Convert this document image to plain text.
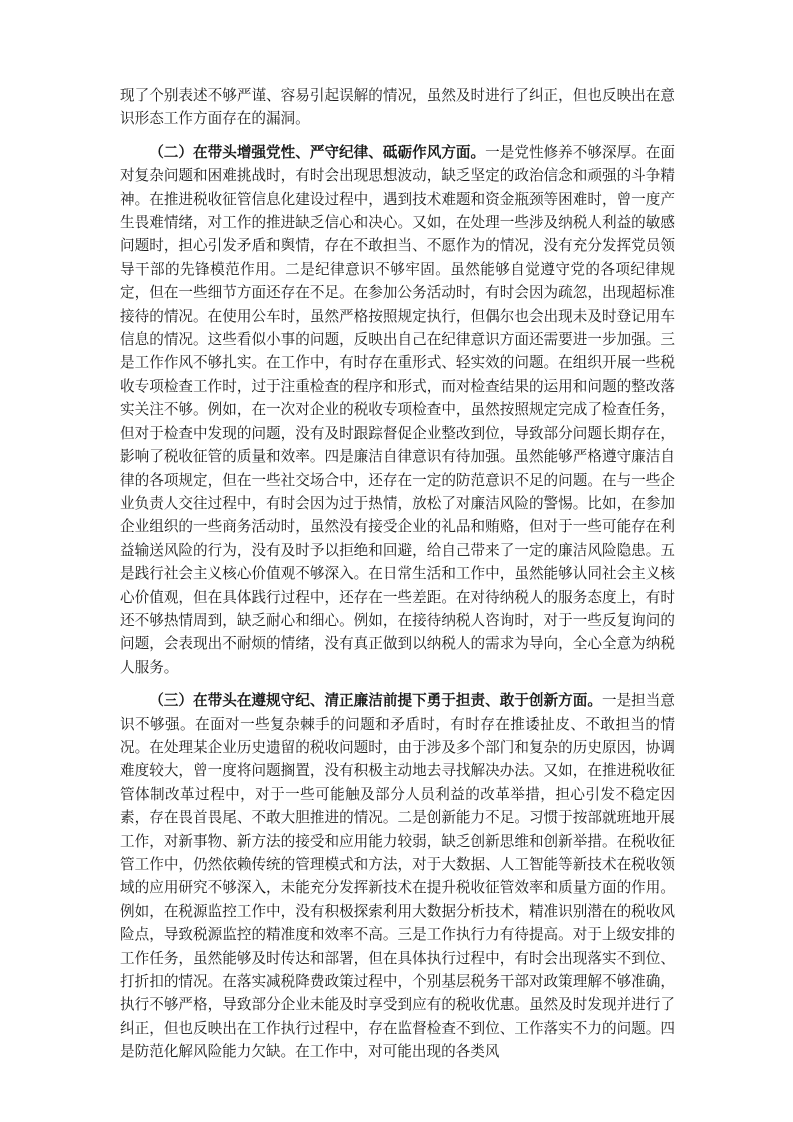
现了个别表述不够严谨、容易引起误解的情况，虽然及时进行了纠正，但也反映出在意识形态工作方面存在的漏洞。

（二）在带头增强党性、严守纪律、砥砺作风方面。一是党性修养不够深厚。在面对复杂问题和困难挑战时，有时会出现思想波动，缺乏坚定的政治信念和顽强的斗争精神。在推进税收征管信息化建设过程中，遇到技术难题和资金瓶颈等困难时，曾一度产生畏难情绪，对工作的推进缺乏信心和决心。又如，在处理一些涉及纳税人利益的敏感问题时，担心引发矛盾和舆情，存在不敢担当、不愿作为的情况，没有充分发挥党员领导干部的先锋模范作用。二是纪律意识不够牢固。虽然能够自觉遵守党的各项纪律规定，但在一些细节方面还存在不足。在参加公务活动时，有时会因为疏忽，出现超标准接待的情况。在使用公车时，虽然严格按照规定执行，但偶尔也会出现未及时登记用车信息的情况。这些看似小事的问题，反映出自己在纪律意识方面还需要进一步加强。三是工作作风不够扎实。在工作中，有时存在重形式、轻实效的问题。在组织开展一些税收专项检查工作时，过于注重检查的程序和形式，而对检查结果的运用和问题的整改落实关注不够。例如，在一次对企业的税收专项检查中，虽然按照规定完成了检查任务，但对于检查中发现的问题，没有及时跟踪督促企业整改到位，导致部分问题长期存在，影响了税收征管的质量和效率。四是廉洁自律意识有待加强。虽然能够严格遵守廉洁自律的各项规定，但在一些社交场合中，还存在一定的防范意识不足的问题。在与一些企业负责人交往过程中，有时会因为过于热情，放松了对廉洁风险的警惕。比如，在参加企业组织的一些商务活动时，虽然没有接受企业的礼品和贿赂，但对于一些可能存在利益输送风险的行为，没有及时予以拒绝和回避，给自己带来了一定的廉洁风险隐患。五是践行社会主义核心价值观不够深入。在日常生活和工作中，虽然能够认同社会主义核心价值观，但在具体践行过程中，还存在一些差距。在对待纳税人的服务态度上，有时还不够热情周到，缺乏耐心和细心。例如，在接待纳税人咨询时，对于一些反复询问的问题，会表现出不耐烦的情绪，没有真正做到以纳税人的需求为导向，全心全意为纳税人服务。

（三）在带头在遵规守纪、清正廉洁前提下勇于担责、敢于创新方面。一是担当意识不够强。在面对一些复杂棘手的问题和矛盾时，有时存在推诿扯皮、不敢担当的情况。在处理某企业历史遗留的税收问题时，由于涉及多个部门和复杂的历史原因，协调难度较大，曾一度将问题搁置，没有积极主动地去寻找解决办法。又如，在推进税收征管体制改革过程中，对于一些可能触及部分人员利益的改革举措，担心引发不稳定因素，存在畏首畏尾、不敢大胆推进的情况。二是创新能力不足。习惯于按部就班地开展工作，对新事物、新方法的接受和应用能力较弱，缺乏创新思维和创新举措。在税收征管工作中，仍然依赖传统的管理模式和方法，对于大数据、人工智能等新技术在税收领域的应用研究不够深入，未能充分发挥新技术在提升税收征管效率和质量方面的作用。例如，在税源监控工作中，没有积极探索利用大数据分析技术，精准识别潜在的税收风险点，导致税源监控的精准度和效率不高。三是工作执行力有待提高。对于上级安排的工作任务，虽然能够及时传达和部署，但在具体执行过程中，有时会出现落实不到位、打折扣的情况。在落实减税降费政策过程中，个别基层税务干部对政策理解不够准确，执行不够严格，导致部分企业未能及时享受到应有的税收优惠。虽然及时发现并进行了纠正，但也反映出在工作执行过程中，存在监督检查不到位、工作落实不力的问题。四是防范化解风险能力欠缺。在工作中，对可能出现的各类风
